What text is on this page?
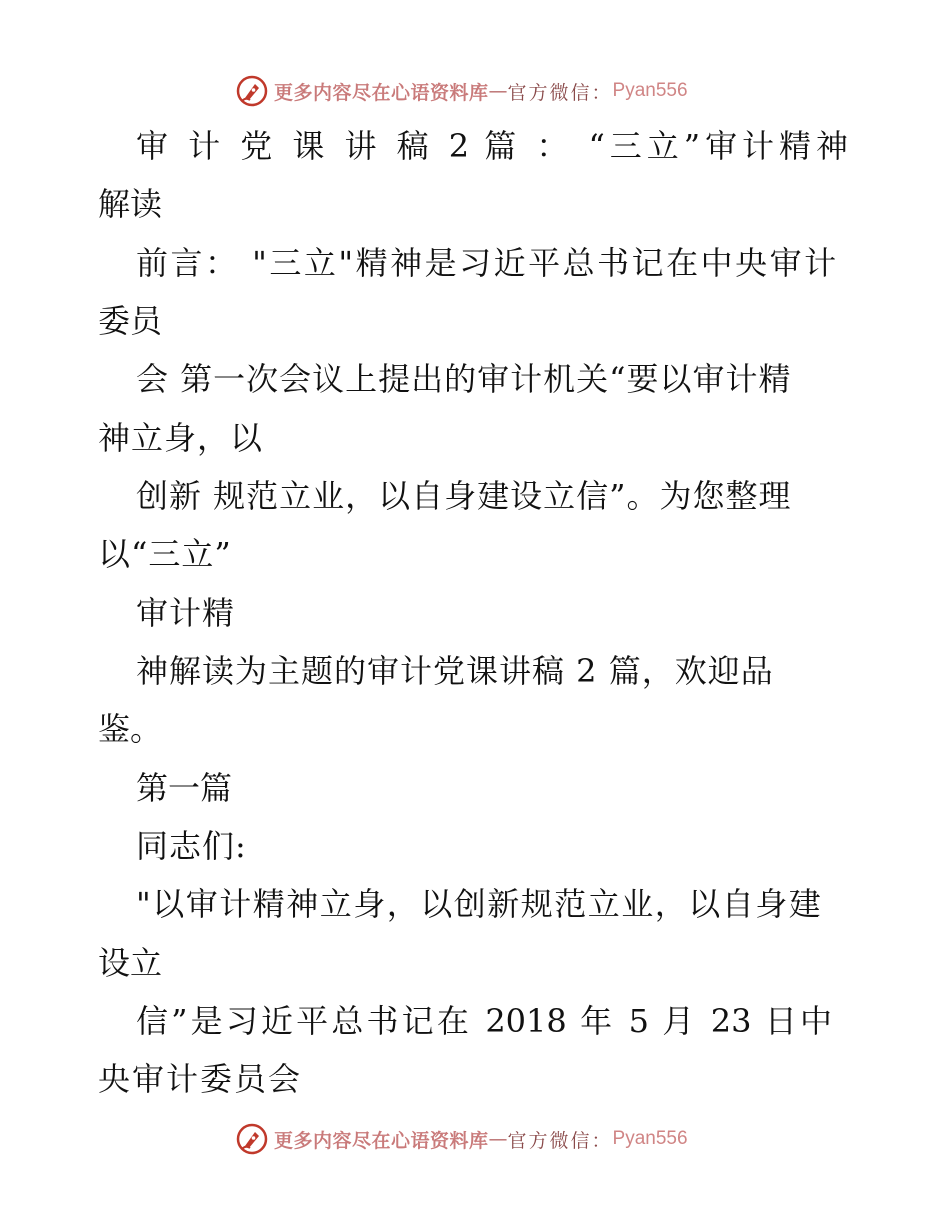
更多内容尽在心语资料库 — 官方微信： Pyan556

审 计 党 课 讲 稿 2 篇 ： “三立”审计精神

解读

前言： "三立"精神是习近平总书记在中央审计

委员

会 第一次会议上提出的审计机关“要以审计精

神立身，以

创新 规范立业，以自身建设立信”。为您整理

以“三立”

审计精

神解读为主题的审计党课讲稿 2 篇，欢迎品

鉴。

第一篇

同志们:

"以审计精神立身，以创新规范立业，以自身建

设立

信”是习近平总书记在 2018 年 5 月 23 日中

央审计委员会

更多内容尽在心语资料库 — 官方微信： Pyan556
